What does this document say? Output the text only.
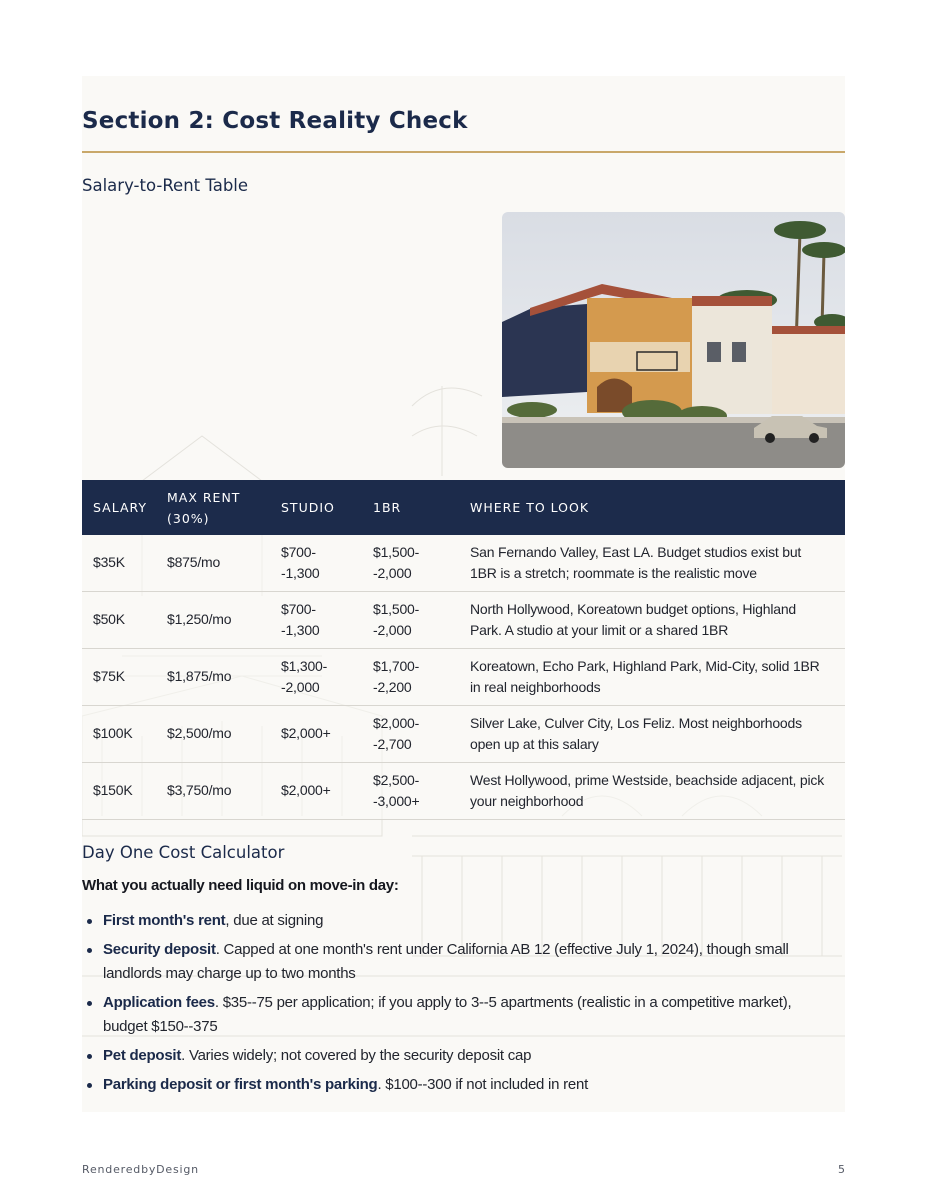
Section 2: Cost Reality Check
Salary-to-Rent Table
SALARY	MAX RENT (30%)	STUDIO	1BR	WHERE TO LOOK
$35K	$875/mo	$700--1,300	$1,500--2,000	San Fernando Valley, East LA. Budget studios exist but 1BR is a stretch; roommate is the realistic move
$50K	$1,250/mo	$700--1,300	$1,500--2,000	North Hollywood, Koreatown budget options, Highland Park. A studio at your limit or a shared 1BR
$75K	$1,875/mo	$1,300--2,000	$1,700--2,200	Koreatown, Echo Park, Highland Park, Mid-City, solid 1BR in real neighborhoods
$100K	$2,500/mo	$2,000+	$2,000--2,700	Silver Lake, Culver City, Los Feliz. Most neighborhoods open up at this salary
$150K	$3,750/mo	$2,000+	$2,500--3,000+	West Hollywood, prime Westside, beachside adjacent, pick your neighborhood
Day One Cost Calculator

What you actually need liquid on move-in day:

First month's rent, due at signing
Security deposit. Capped at one month's rent under California AB 12 (effective July 1, 2024), though small landlords may charge up to two months
Application fees. $35--75 per application; if you apply to 3--5 apartments (realistic in a competitive market), budget $150--375
Pet deposit. Varies widely; not covered by the security deposit cap
Parking deposit or first month's parking. $100--300 if not included in rent
RenderedbyDesign	5
